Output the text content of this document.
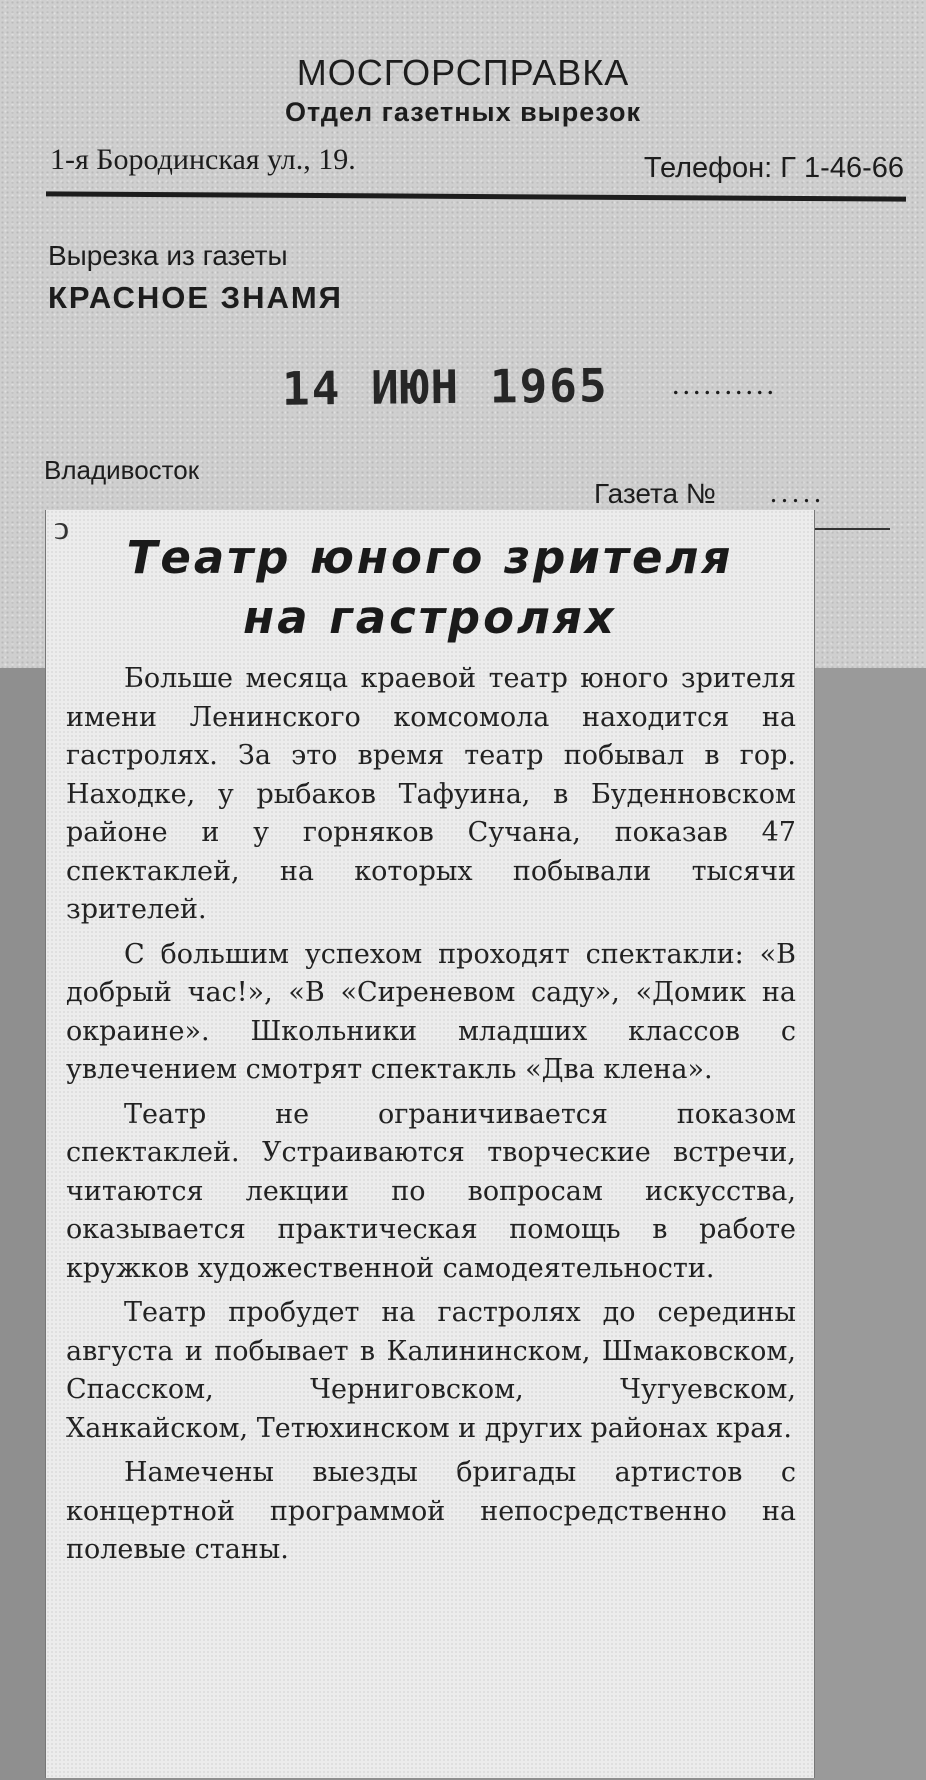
МОСГОРСПРАВКА
Отдел газетных вырезок
1-я Бородинская ул., 19.	Телефон: Г 1-46-66
Вырезка из газеты
КРАСНОЕ ЗНАМЯ
14 ИЮН 1965 ..........
Владивосток
Газета № .....
ↄ
Театр юного зрителя
на гастролях

Больше месяца краевой театр юного зрителя имени Ленинского комсомола находится на гастролях. За это время театр побывал в гор. Находке, у рыбаков Тафуина, в Буденновском районе и у горняков Сучана, показав 47 спектаклей, на которых побывали тысячи зрителей.

С большим успехом проходят спектакли: «В добрый час!», «В «Сиреневом саду», «Домик на окраине». Школьники младших классов с увлечением смотрят спектакль «Два клена».

Театр не ограничивается показом спектаклей. Устраиваются творческие встречи, читаются лекции по вопросам искусства, оказывается практическая помощь в работе кружков художественной самодеятельности.

Театр пробудет на гастролях до середины августа и побывает в Калининском, Шмаковском, Спасском, Черниговском, Чугуевском, Ханкайском, Тетюхинском и других районах края.

Намечены выезды бригады артистов с концертной программой непосредственно на полевые станы.
